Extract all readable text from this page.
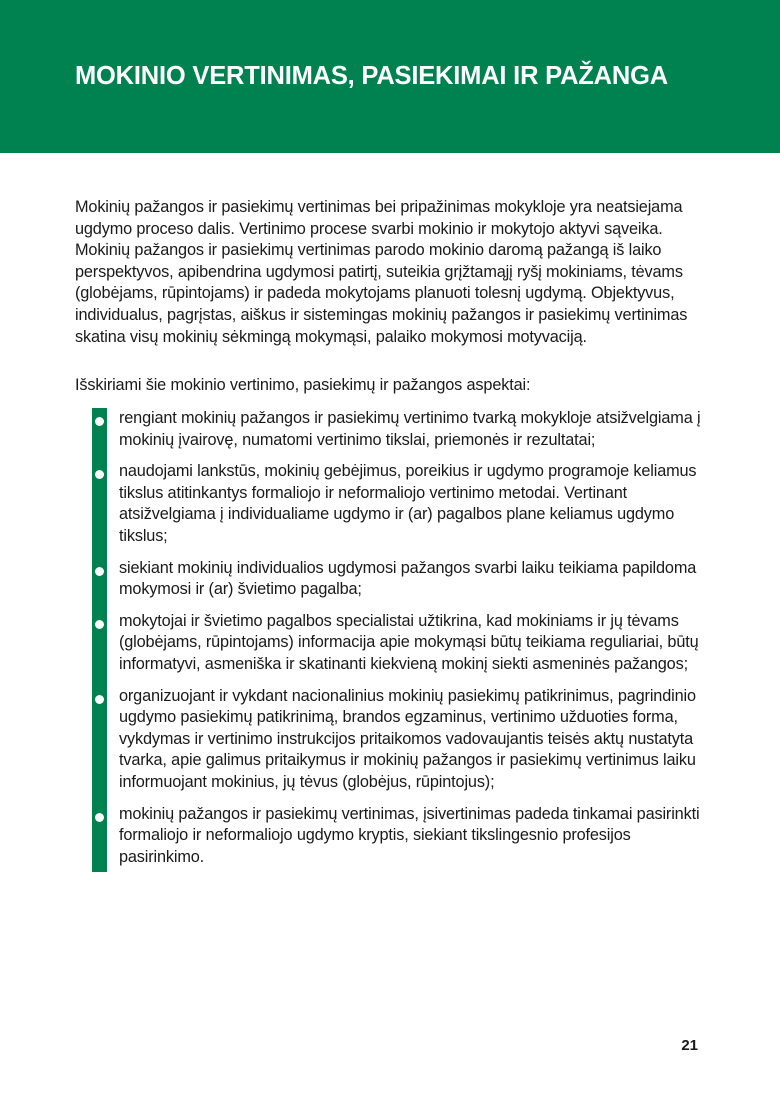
MOKINIO VERTINIMAS, PASIEKIMAI IR PAŽANGA

Mokinių pažangos ir pasiekimų vertinimas bei pripažinimas mokykloje yra neatsiejama ugdymo proceso dalis. Vertinimo procese svarbi mokinio ir mokytojo aktyvi sąveika. Mokinių pažangos ir pasiekimų vertinimas parodo mokinio daromą pažangą iš laiko perspektyvos, apibendrina ugdymosi patirtį, suteikia grįžtamąjį ryšį mokiniams, tėvams (globėjams, rūpintojams) ir padeda mokytojams planuoti tolesnį ugdymą. Objektyvus, individualus, pagrįstas, aiškus ir sistemingas mokinių pažangos ir pasiekimų vertinimas skatina visų mokinių sėkmingą mokymąsi, palaiko mokymosi motyvaciją.

Išskiriami šie mokinio vertinimo, pasiekimų ir pažangos aspektai:

rengiant mokinių pažangos ir pasiekimų vertinimo tvarką mokykloje atsižvelgiama į mokinių įvairovę, numatomi vertinimo tikslai, priemonės ir rezultatai;
naudojami lankstūs, mokinių gebėjimus, poreikius ir ugdymo programoje keliamus tikslus atitinkantys formaliojo ir neformaliojo vertinimo metodai. Vertinant atsižvelgiama į individualiame ugdymo ir (ar) pagalbos plane keliamus ugdymo tikslus;
siekiant mokinių individualios ugdymosi pažangos svarbi laiku teikiama papildoma mokymosi ir (ar) švietimo pagalba;
mokytojai ir švietimo pagalbos specialistai užtikrina, kad mokiniams ir jų tėvams (globėjams, rūpintojams) informacija apie mokymąsi būtų teikiama reguliariai, būtų informatyvi, asmeniška ir skatinanti kiekvieną mokinį siekti asmeninės pažangos;
organizuojant ir vykdant nacionalinius mokinių pasiekimų patikrinimus, pagrindinio ugdymo pasiekimų patikrinimą, brandos egzaminus, vertinimo užduoties forma, vykdymas ir vertinimo instrukcijos pritaikomos vadovaujantis teisės aktų nustatyta tvarka, apie galimus pritaikymus ir mokinių pažangos ir pasiekimų vertinimus laiku informuojant mokinius, jų tėvus (globėjus, rūpintojus);
mokinių pažangos ir pasiekimų vertinimas, įsivertinimas padeda tinkamai pasirinkti formaliojo ir neformaliojo ugdymo kryptis, siekiant tikslingesnio profesijos pasirinkimo.
21
